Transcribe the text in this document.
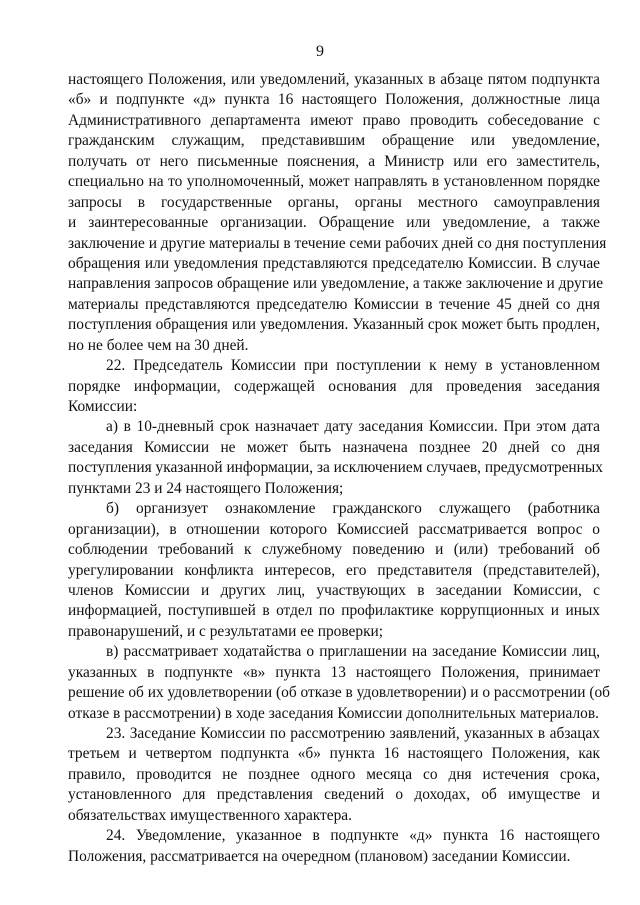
9
настоящего Положения, или уведомлений, указанных в абзаце пятом подпункта
«б» и подпункте «д» пункта 16 настоящего Положения, должностные лица
Административного департамента имеют право проводить собеседование с
гражданским служащим, представившим обращение или уведомление,
получать от него письменные пояснения, а Министр или его заместитель,
специально на то уполномоченный, может направлять в установленном порядке
запросы в государственные органы, органы местного самоуправления
и заинтересованные организации. Обращение или уведомление, а также
заключение и другие материалы в течение семи рабочих дней со дня поступления
обращения или уведомления представляются председателю Комиссии. В случае
направления запросов обращение или уведомление, а также заключение и другие
материалы представляются председателю Комиссии в течение 45 дней со дня
поступления обращения или уведомления. Указанный срок может быть продлен,
но не более чем на 30 дней.
22. Председатель Комиссии при поступлении к нему в установленном
порядке информации, содержащей основания для проведения заседания
Комиссии:
а) в 10-дневный срок назначает дату заседания Комиссии. При этом дата
заседания Комиссии не может быть назначена позднее 20 дней со дня
поступления указанной информации, за исключением случаев, предусмотренных
пунктами 23 и 24 настоящего Положения;
б) организует ознакомление гражданского служащего (работника
организации), в отношении которого Комиссией рассматривается вопрос о
соблюдении требований к служебному поведению и (или) требований об
урегулировании конфликта интересов, его представителя (представителей),
членов Комиссии и других лиц, участвующих в заседании Комиссии, с
информацией, поступившей в отдел по профилактике коррупционных и иных
правонарушений, и с результатами ее проверки;
в) рассматривает ходатайства о приглашении на заседание Комиссии лиц,
указанных в подпункте «в» пункта 13 настоящего Положения, принимает
решение об их удовлетворении (об отказе в удовлетворении) и о рассмотрении (об
отказе в рассмотрении) в ходе заседания Комиссии дополнительных материалов.
23. Заседание Комиссии по рассмотрению заявлений, указанных в абзацах
третьем и четвертом подпункта «б» пункта 16 настоящего Положения, как
правило, проводится не позднее одного месяца со дня истечения срока,
установленного для представления сведений о доходах, об имуществе и
обязательствах имущественного характера.
24. Уведомление, указанное в подпункте «д» пункта 16 настоящего
Положения, рассматривается на очередном (плановом) заседании Комиссии.
